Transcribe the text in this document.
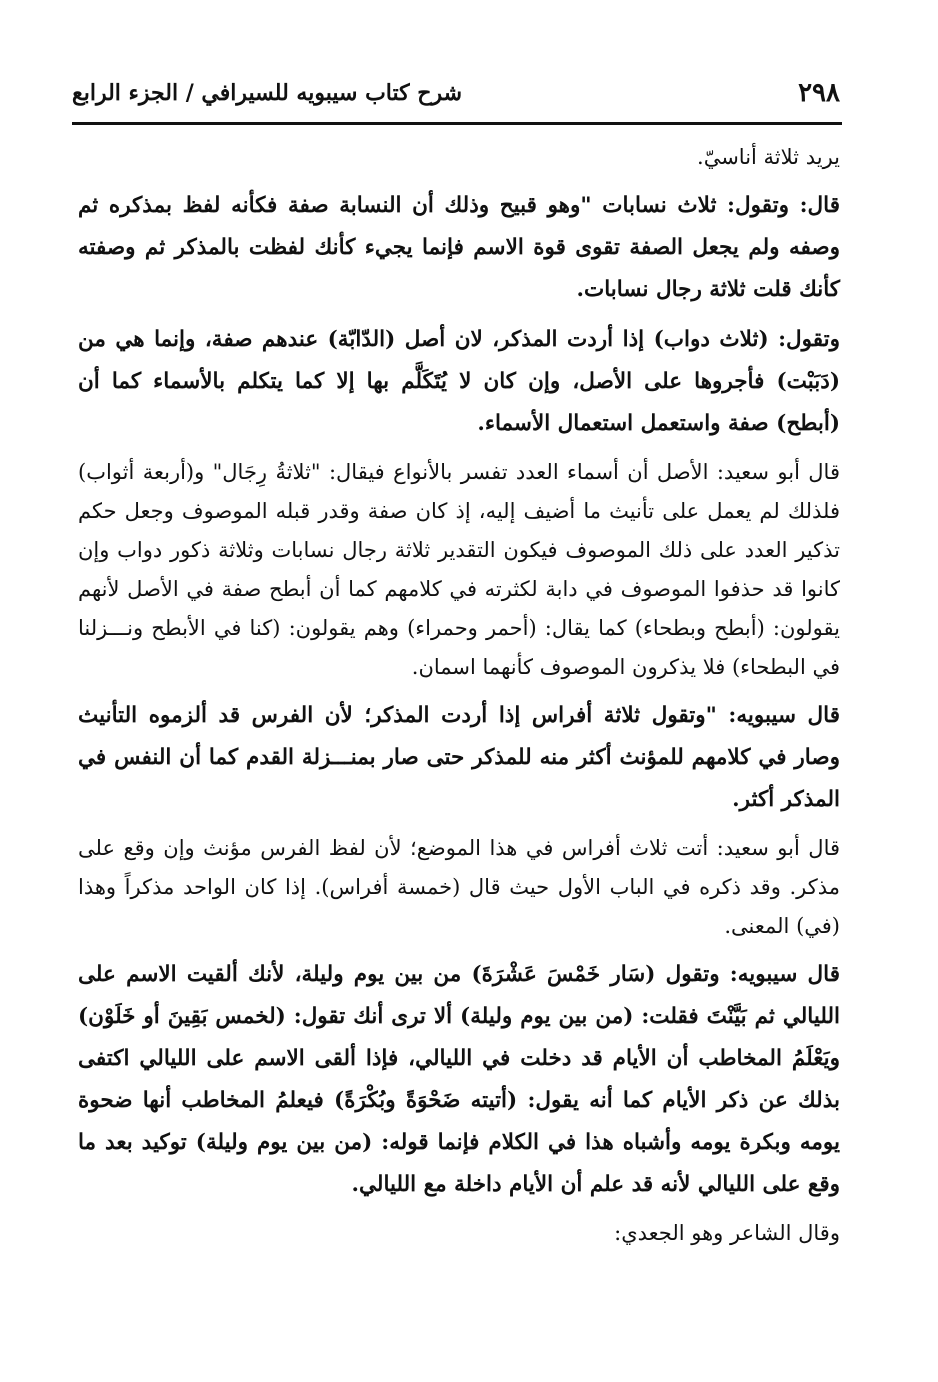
٢٩٨
شرح كتاب سيبويه للسيرافي / الجزء الرابع

يريد ثلاثة أناسيّ.

قال: وتقول: ثلاث نسابات "وهو قبيح وذلك أن النسابة صفة فكأنه لفظ بمذكره ثم وصفه ولم يجعل الصفة تقوى قوة الاسم فإنما يجيء كأنك لفظت بالمذكر ثم وصفته كأنك قلت ثلاثة رجال نسابات.

وتقول: (ثلاث دواب) إذا أردت المذكر، لان أصل (الدّابّة) عندهم صفة، وإنما هي من (دَبَبْت) فأجروها على الأصل، وإن كان لا يُتَكَلَّم بها إلا كما يتكلم بالأسماء كما أن (أبطح) صفة واستعمل استعمال الأسماء.

قال أبو سعيد: الأصل أن أسماء العدد تفسر بالأنواع فيقال: "ثلاثةُ رِجَال" و(أربعة أثواب) فلذلك لم يعمل على تأنيث ما أضيف إليه، إذ كان صفة وقدر قبله الموصوف وجعل حكم تذكير العدد على ذلك الموصوف فيكون التقدير ثلاثة رجال نسابات وثلاثة ذكور دواب وإن كانوا قد حذفوا الموصوف في دابة لكثرته في كلامهم كما أن أبطح صفة في الأصل لأنهم يقولون: (أبطح وبطحاء) كما يقال: (أحمر وحمراء) وهم يقولون: (كنا في الأبطح ونـــزلنا في البطحاء) فلا يذكرون الموصوف كأنهما اسمان.

قال سيبويه: "وتقول ثلاثة أفراس إذا أردت المذكر؛ لأن الفرس قد ألزموه التأنيث وصار في كلامهم للمؤنث أكثر منه للمذكر حتى صار بمنـــزلة القدم كما أن النفس في المذكر أكثر.

قال أبو سعيد: أتت ثلاث أفراس في هذا الموضع؛ لأن لفظ الفرس مؤنث وإن وقع على مذكر. وقد ذكره في الباب الأول حيث قال (خمسة أفراس). إذا كان الواحد مذكراً وهذا (في) المعنى.

قال سيبويه: وتقول (سَار خَمْسَ عَشْرَةَ) من بين يوم وليلة، لأنك ألقيت الاسم على الليالي ثم بَيَّنْتَ فقلت: (من بين يوم وليلة) ألا ترى أنك تقول: (لخمس بَقِينَ أو خَلَوْن) ويَعْلَمُ المخاطب أن الأيام قد دخلت في الليالي، فإذا ألقى الاسم على الليالي اكتفى بذلك عن ذكر الأيام كما أنه يقول: (أتيته ضَحْوَةً وبُكْرَةً) فيعلمُ المخاطب أنها ضحوة يومه وبكرة يومه وأشباه هذا في الكلام فإنما قوله: (من بين يوم وليلة) توكيد بعد ما وقع على الليالي لأنه قد علم أن الأيام داخلة مع الليالي.

وقال الشاعر وهو الجعدي:
